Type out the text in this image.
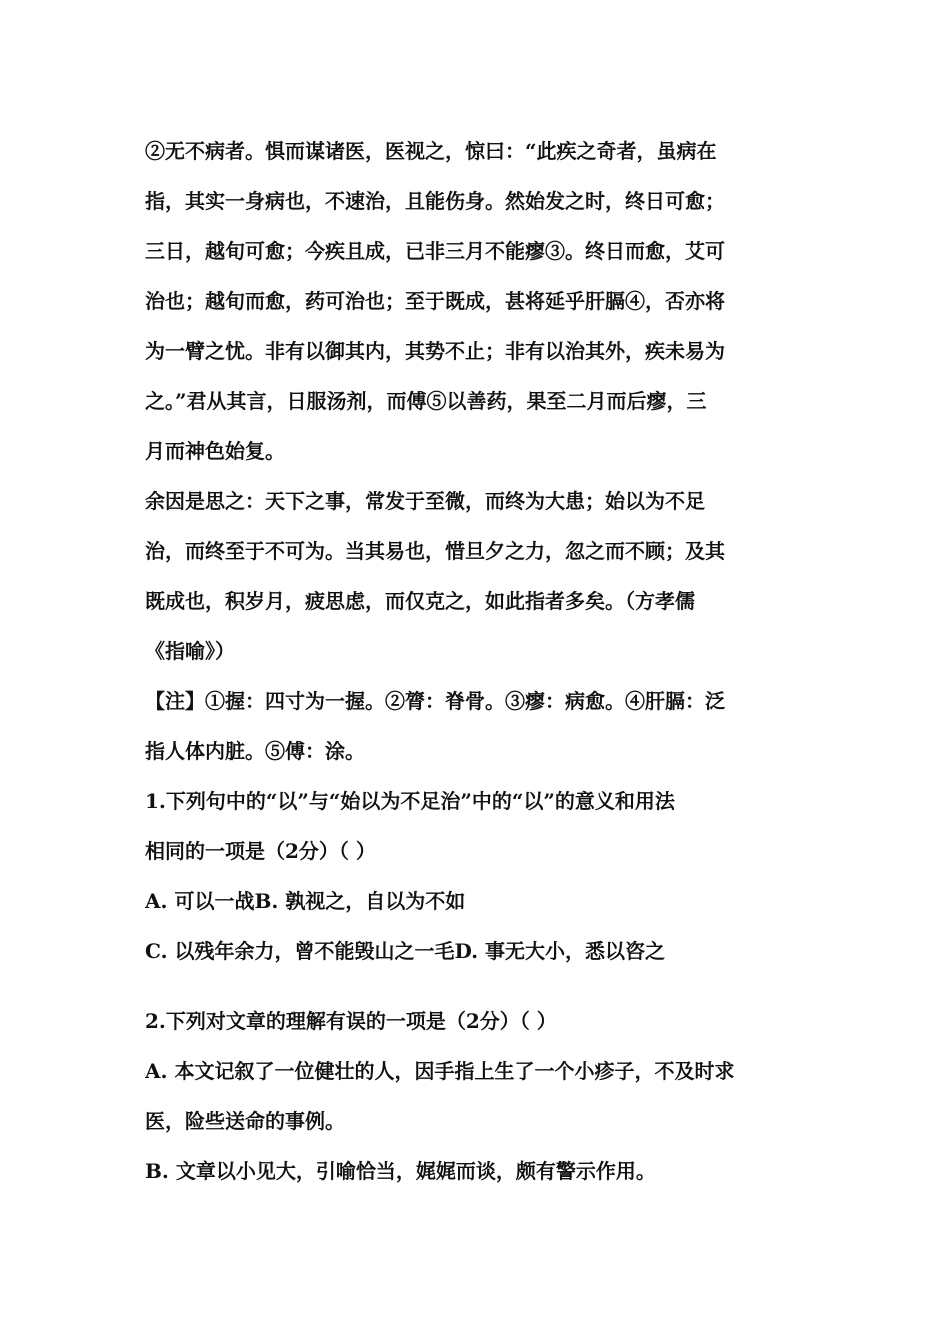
②无不病者。惧而谋诸医，医视之，惊曰：“此疾之奇者，虽病在
指，其实一身病也，不速治，且能伤身。然始发之时，终日可愈；
三日，越旬可愈；今疾且成，已非三月不能瘳③。终日而愈，艾可
治也；越旬而愈，药可治也；至于既成，甚将延乎肝膈④，否亦将
为一臂之忧。非有以御其内，其势不止；非有以治其外，疾未易为
之。”君从其言，日服汤剂，而傅⑤以善药，果至二月而后瘳，三
月而神色始复。
余因是思之：天下之事，常发于至微，而终为大患；始以为不足
治，而终至于不可为。当其易也，惜旦夕之力，忽之而不顾；及其
既成也，积岁月，疲思虑，而仅克之，如此指者多矣。（方孝儒
《指喻》）
【注】①握：四寸为一握。②膂：脊骨。③瘳：病愈。④肝膈：泛
指人体内脏。⑤傅：涂。
1.下列句中的“以”与“始以为不足治”中的“以”的意义和用法
相同的一项是（2分）（ ）
A. 可以一战B. 孰视之，自以为不如
C. 以残年余力，曾不能毁山之一毛D. 事无大小，悉以咨之
2.下列对文章的理解有误的一项是（2分）（ ）
A. 本文记叙了一位健壮的人，因手指上生了一个小疹子，不及时求
医，险些送命的事例。
B. 文章以小见大，引喻恰当，娓娓而谈，颇有警示作用。
